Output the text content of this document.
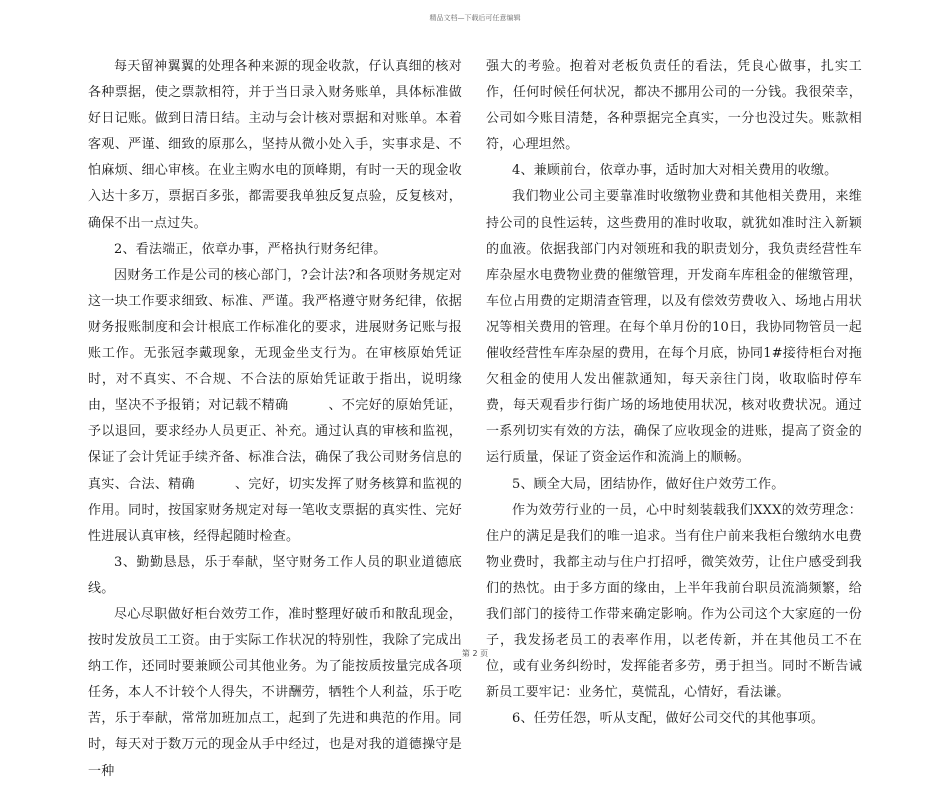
精品文档—下载后可任意编辑

每天留神翼翼的处理各种来源的现金收款，仔认真细的核对各种票据，使之票款相符，并于当日录入财务账单，具体标准做好日记账。做到日清日结。主动与会计核对票据和对账单。本着客观、严谨、细致的原那么，坚持从微小处入手，实事求是、不怕麻烦、细心审核。在业主购水电的顶峰期，有时一天的现金收入达十多万，票据百多张，都需要我单独反复点验，反复核对，确保不出一点过失。

2、看法端正，依章办事，严格执行财务纪律。

因财务工作是公司的核心部门，?会计法?和各项财务规定对这一块工作要求细致、标准、严谨。我严格遵守财务纪律，依据财务报账制度和会计根底工作标准化的要求，进展财务记账与报账工作。无张冠李戴现象，无现金坐支行为。在审核原始凭证时，对不真实、不合规、不合法的原始凭证敢于指出，说明缘由，坚决不予报销；对记载不精确　　　、不完好的原始凭证，予以退回，要求经办人员更正、补充。通过认真的审核和监视，保证了会计凭证手续齐备、标准合法，确保了我公司财务信息的真实、合法、精确　　　、完好，切实发挥了财务核算和监视的作用。同时，按国家财务规定对每一笔收支票据的真实性、完好性进展认真审核，经得起随时检查。

3、勤勤恳恳，乐于奉献，坚守财务工作人员的职业道德底线。

尽心尽职做好柜台效劳工作，准时整理好破币和散乱现金，按时发放员工工资。由于实际工作状况的特别性，我除了完成出纳工作，还同时要兼顾公司其他业务。为了能按质按量完成各项任务，本人不计较个人得失，不讲酬劳，牺牲个人利益，乐于吃苦，乐于奉献，常常加班加点工，起到了先进和典范的作用。同时，每天对于数万元的现金从手中经过，也是对我的道德操守是一种

强大的考验。抱着对老板负责任的看法，凭良心做事，扎实工作，任何时候任何状况，都决不挪用公司的一分钱。我很荣幸，公司如今账目清楚，各种票据完全真实，一分也没过失。账款相符，心理坦然。

4、兼顾前台，依章办事，适时加大对相关费用的收缴。

我们物业公司主要靠准时收缴物业费和其他相关费用，来维持公司的良性运转，这些费用的准时收取，就犹如准时注入新颖的血液。依据我部门内对领班和我的职责划分，我负责经营性车库杂屋水电费物业费的催缴管理，开发商车库租金的催缴管理，车位占用费的定期清查管理，以及有偿效劳费收入、场地占用状况等相关费用的管理。在每个单月份的10日，我协同物管员一起催收经营性车库杂屋的费用，在每个月底，协同1#接待柜台对拖欠租金的使用人发出催款通知，每天亲往门岗，收取临时停车费，每天观看步行街广场的场地使用状况，核对收费状况。通过一系列切实有效的方法，确保了应收现金的进账，提高了资金的运行质量，保证了资金运作和流淌上的顺畅。

5、顾全大局，团结协作，做好住户效劳工作。

作为效劳行业的一员，心中时刻装载我们XXX的效劳理念：住户的满足是我们的唯一追求。当有住户前来我柜台缴纳水电费物业费时，我都主动与住户打招呼，微笑效劳，让住户感受到我们的热忱。由于多方面的缘由，上半年我前台职员流淌频繁，给我们部门的接待工作带来确定影响。作为公司这个大家庭的一份子，我发扬老员工的表率作用，以老传新，并在其他员工不在位，或有业务纠纷时，发挥能者多劳，勇于担当。同时不断告诫新员工要牢记：业务忙，莫慌乱，心情好，看法谦。

6、任劳任怨，听从支配，做好公司交代的其他事项。

第 2 页
